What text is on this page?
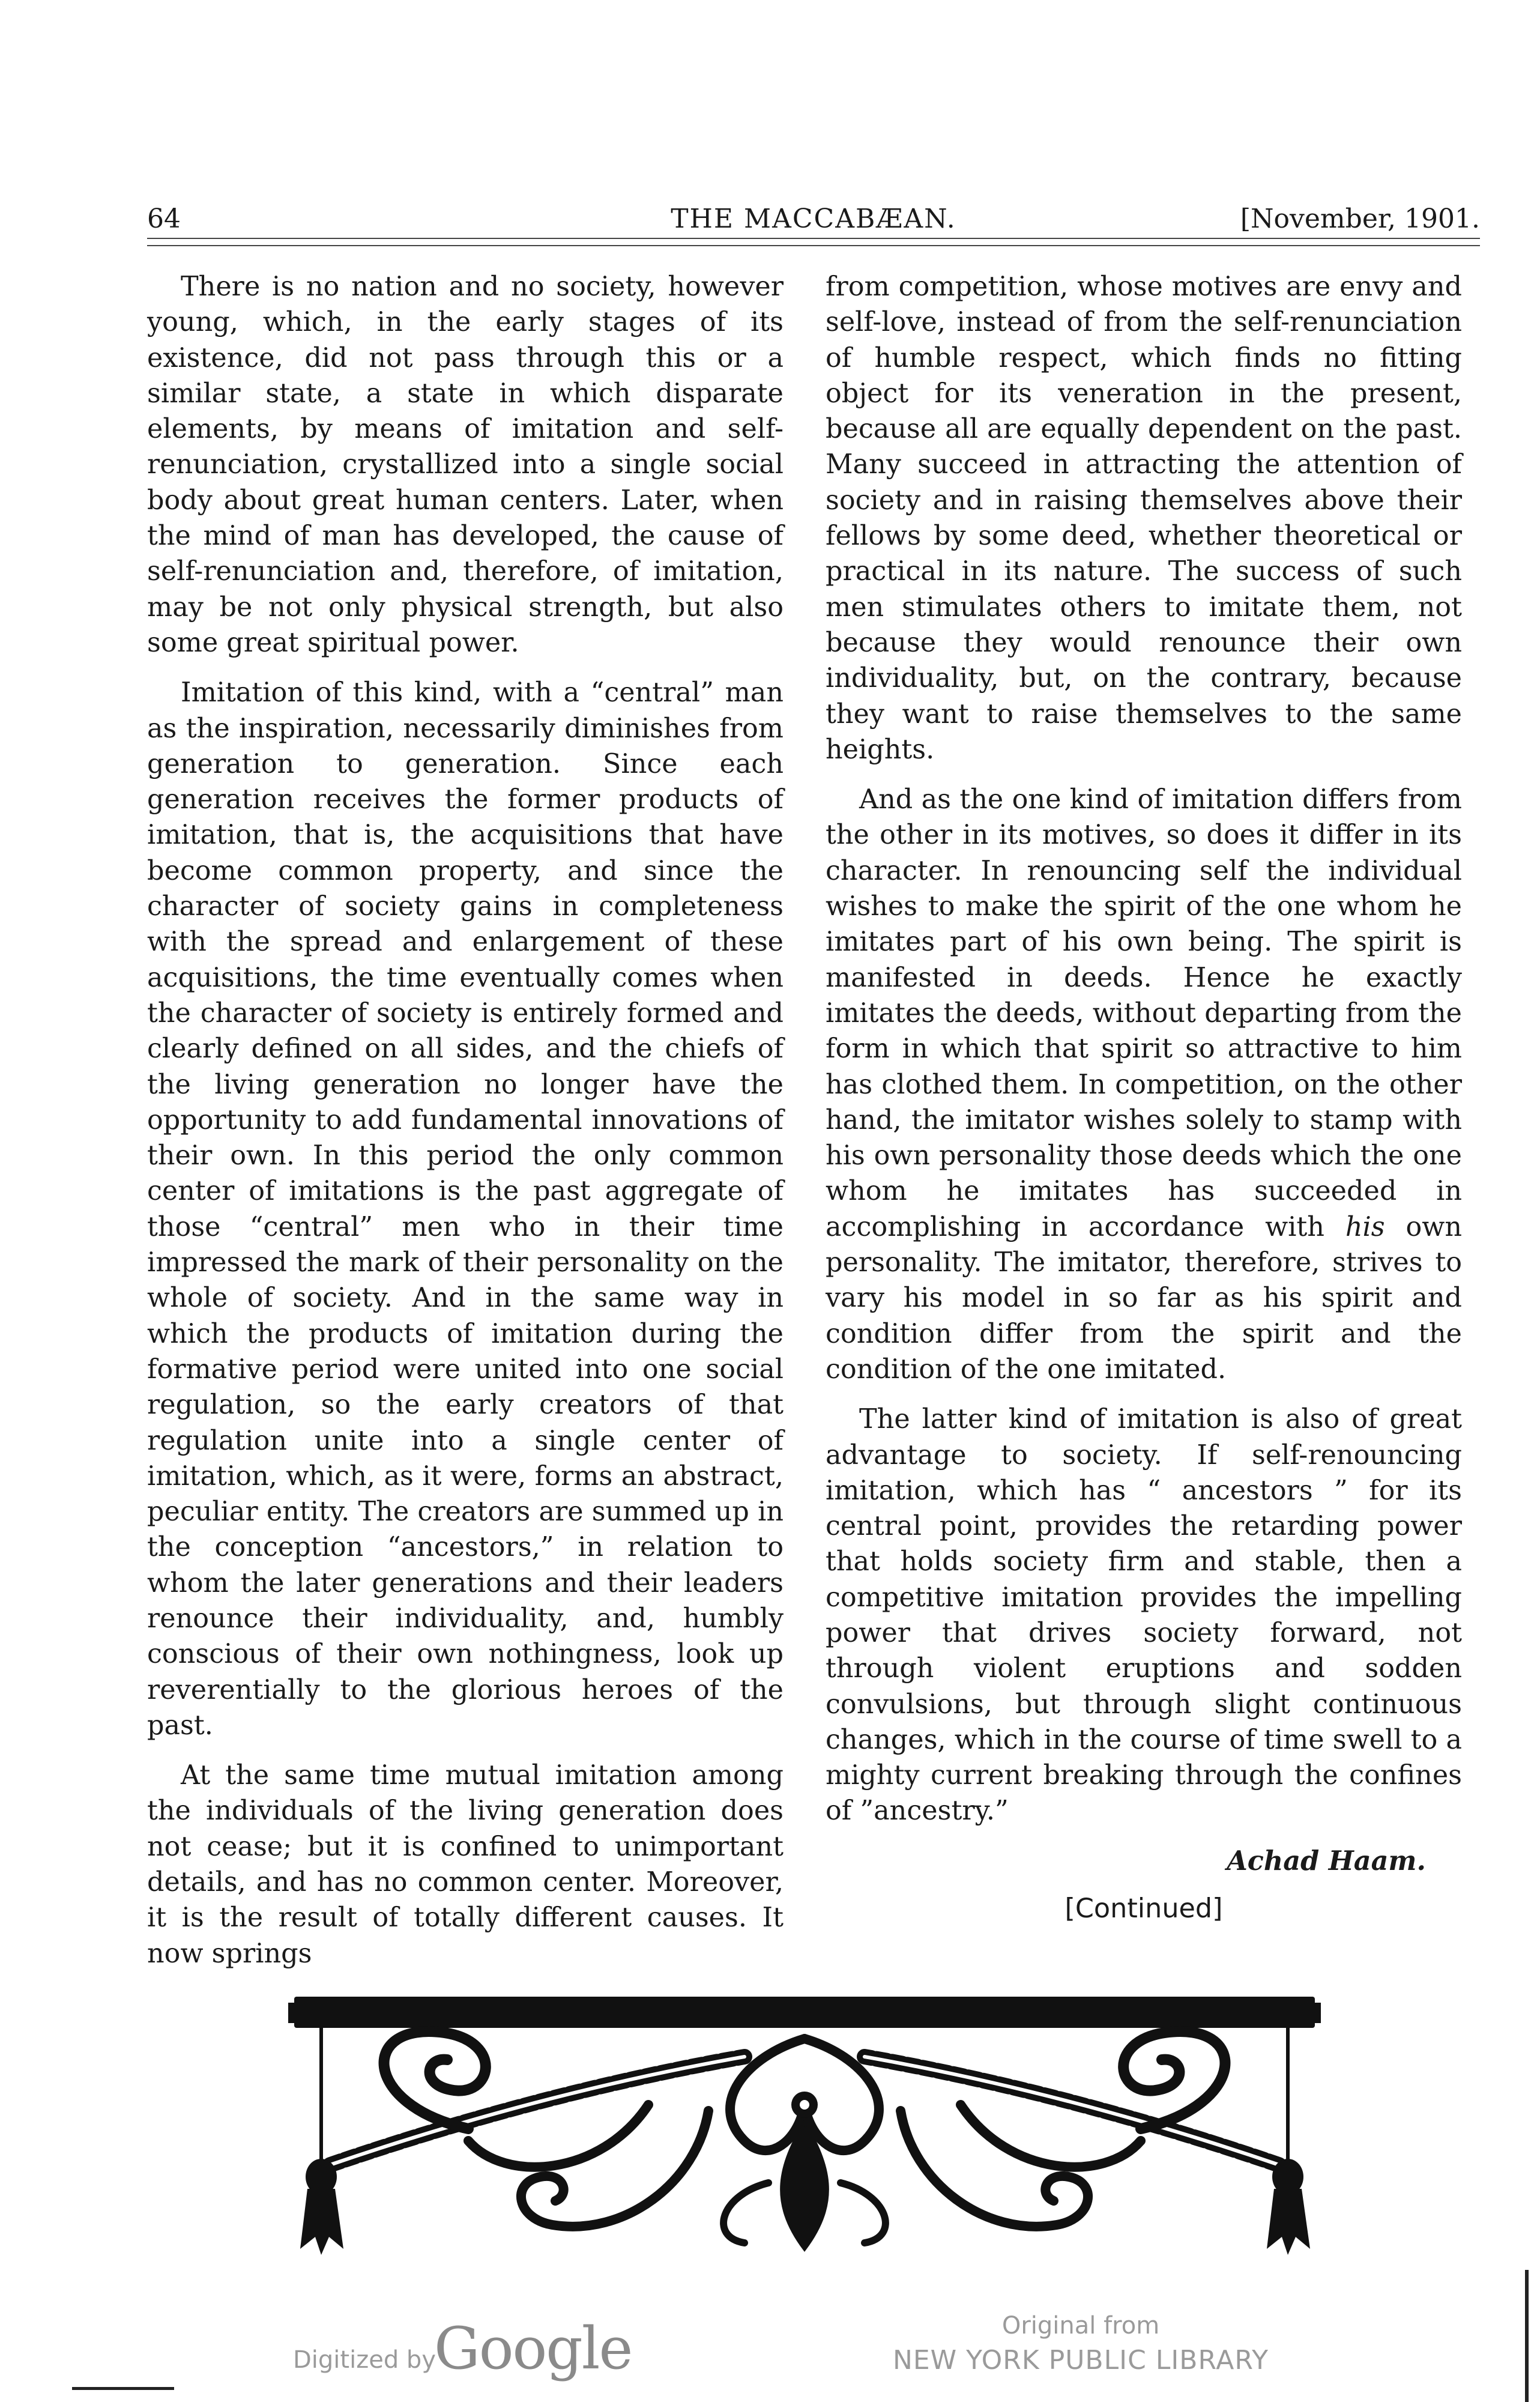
64	THE MACCABÆAN.	[November, 1901.

There is no nation and no society, however young, which, in the early stages of its existence, did not pass through this or a similar state, a state in which disparate elements, by means of imitation and self-renunciation, crystallized into a single social body about great human centers. Later, when the mind of man has developed, the cause of self-renunciation and, therefore, of imitation, may be not only physical strength, but also some great spiritual power.

Imitation of this kind, with a “central” man as the inspiration, necessarily diminishes from generation to generation. Since each generation receives the former products of imitation, that is, the acquisitions that have become common property, and since the character of society gains in completeness with the spread and enlargement of these acquisitions, the time eventually comes when the character of society is entirely formed and clearly defined on all sides, and the chiefs of the living generation no longer have the opportunity to add fundamental innovations of their own. In this period the only common center of imitations is the past aggregate of those “central” men who in their time impressed the mark of their personality on the whole of society. And in the same way in which the products of imitation during the formative period were united into one social regulation, so the early creators of that regulation unite into a single center of imitation, which, as it were, forms an abstract, peculiar entity. The creators are summed up in the conception “ancestors,” in relation to whom the later generations and their leaders renounce their individuality, and, humbly conscious of their own nothingness, look up reverentially to the glorious heroes of the past.

At the same time mutual imitation among the individuals of the living generation does not cease; but it is confined to unimportant details, and has no common center. Moreover, it is the result of totally different causes. It now springs

from competition, whose motives are envy and self-love, instead of from the self-renunciation of humble respect, which finds no fitting object for its veneration in the present, because all are equally dependent on the past. Many succeed in attracting the attention of society and in raising themselves above their fellows by some deed, whether theoretical or practical in its nature. The success of such men stimulates others to imitate them, not because they would renounce their own individuality, but, on the contrary, because they want to raise themselves to the same heights.

And as the one kind of imitation differs from the other in its motives, so does it differ in its character. In renouncing self the individual wishes to make the spirit of the one whom he imitates part of his own being. The spirit is manifested in deeds. Hence he exactly imitates the deeds, without departing from the form in which that spirit so attractive to him has clothed them. In competition, on the other hand, the imitator wishes solely to stamp with his own personality those deeds which the one whom he imitates has succeeded in accomplishing in accordance with his own personality. The imitator, therefore, strives to vary his model in so far as his spirit and condition differ from the spirit and the condition of the one imitated.

The latter kind of imitation is also of great advantage to society. If self-renouncing imitation, which has “ ancestors ” for its central point, provides the retarding power that holds society firm and stable, then a competitive imitation provides the impelling power that drives society forward, not through violent eruptions and sodden convulsions, but through slight continuous changes, which in the course of time swell to a mighty current breaking through the confines of ”ancestry.”

Achad Haam.
[Continued]
Digitized by
Google	Original from
NEW YORK PUBLIC LIBRARY
